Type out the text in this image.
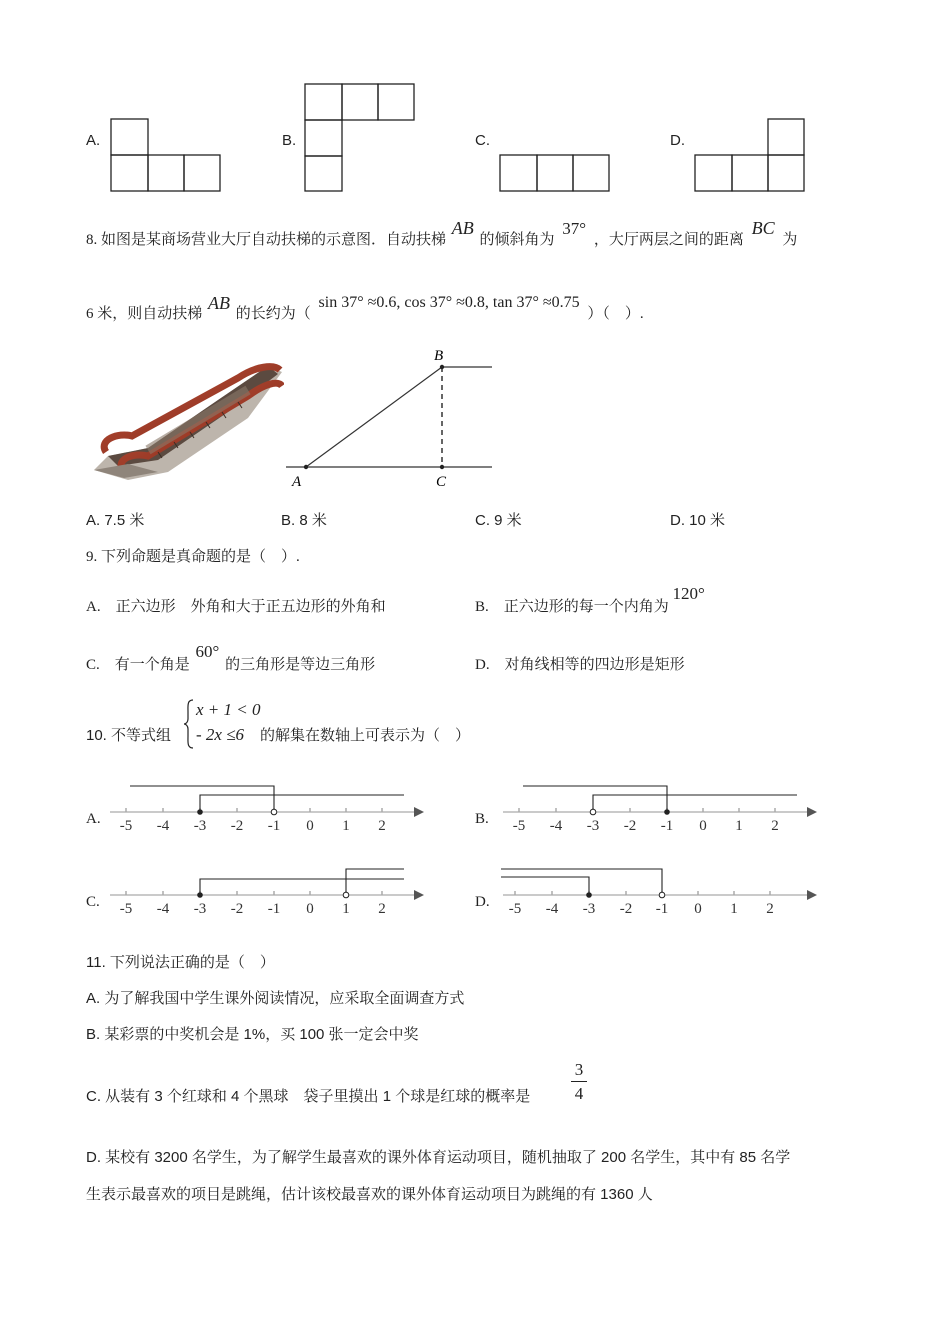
A.	B.	C.	D.
8. 如图是某商场营业大厅自动扶梯的示意图．自动扶梯 AB 的倾斜角为 37° ，大厅两层之间的距离 BC 为
6 米，则自动扶梯 AB 的长约为（ sin 37° ≈0.6, cos 37° ≈0.8, tan 37° ≈0.75 ）（　）.
A
B
C
A. 7.5 米	B. 8 米	C. 9 米	D. 10 米
9. 下列命题是真命题的是（　）.
A.　正六边形　外角和大于正五边形的外角和	B.　正六边形的每一个内角为 120°
C.　有一个角是 60° 的三角形是等边三角形	D.　对角线相等的四边形是矩形
10. 不等式组
x + 1 < 0
- 2x ≤6 的解集在数轴上可表示为（　）
A.	B.
C.	D.
-5 -4 -3 -2 -1 0 1 2	-5 -4 -3 -2 -1 0 1 2
-5 -4 -3 -2 -1 0 1 2	-5 -4 -3 -2 -1 0 1 2
11. 下列说法正确的是（　）
A. 为了解我国中学生课外阅读情况，应采取全面调查方式
B. 某彩票的中奖机会是 1%，买 100 张一定会中奖
C. 从装有 3 个红球和 4 个黑球　袋子里摸出 1 个球是红球的概率是
3
4
D. 某校有 3200 名学生，为了解学生最喜欢的课外体育运动项目，随机抽取了 200 名学生，其中有 85 名学
生表示最喜欢的项目是跳绳，估计该校最喜欢的课外体育运动项目为跳绳的有 1360 人
